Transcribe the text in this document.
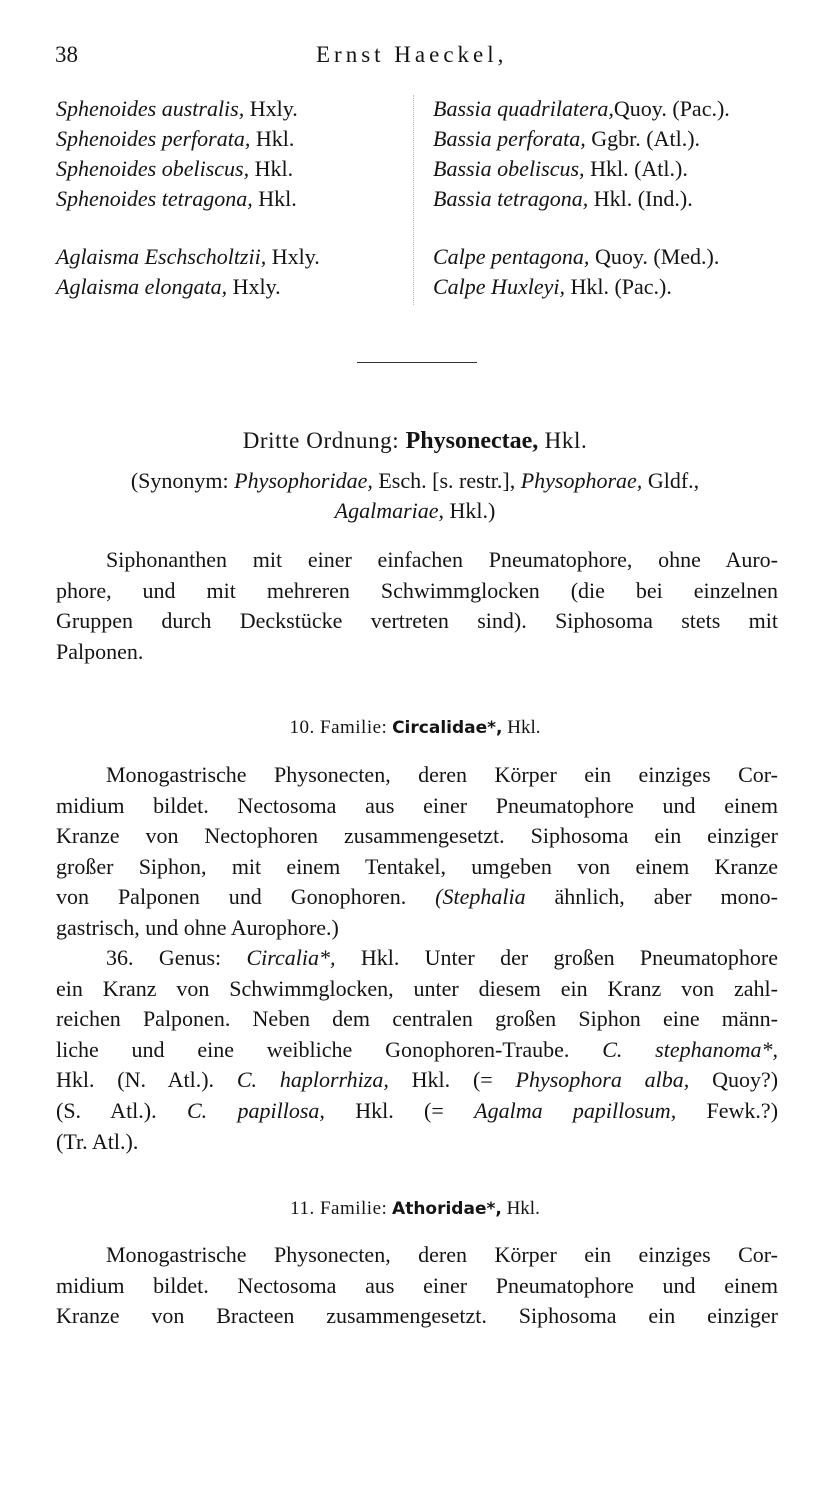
38	Ernst Haeckel,
Sphenoides australis, Hxly.
Sphenoides perforata, Hkl.
Sphenoides obeliscus, Hkl.
Sphenoides tetragona, Hkl.
Aglaisma Eschscholtzii, Hxly.
Aglaisma elongata, Hxly.
Bassia quadrilatera,Quoy. (Pac.).
Bassia perforata, Ggbr. (Atl.).
Bassia obeliscus, Hkl. (Atl.).
Bassia tetragona, Hkl. (Ind.).
Calpe pentagona, Quoy. (Med.).
Calpe Huxleyi, Hkl. (Pac.).
Dritte Ordnung: Physonectae, Hkl.
(Synonym: Physophoridae, Esch. [s. restr.], Physophorae, Gldf.,
Agalmariae, Hkl.)
Siphonanthen mit einer einfachen Pneumatophore, ohne Auro-
phore, und mit mehreren Schwimmglocken (die bei einzelnen
Gruppen durch Deckstücke vertreten sind). Siphosoma stets mit
Palponen.
10. Familie: Circalidae*, Hkl.
Monogastrische Physonecten, deren Körper ein einziges Cor-
midium bildet. Nectosoma aus einer Pneumatophore und einem
Kranze von Nectophoren zusammengesetzt. Siphosoma ein einziger
großer Siphon, mit einem Tentakel, umgeben von einem Kranze
von Palponen und Gonophoren. (Stephalia ähnlich, aber mono-
gastrisch, und ohne Aurophore.)
36. Genus: Circalia*, Hkl. Unter der großen Pneumatophore
ein Kranz von Schwimmglocken, unter diesem ein Kranz von zahl-
reichen Palponen. Neben dem centralen großen Siphon eine männ-
liche und eine weibliche Gonophoren-Traube. C. stephanoma*,
Hkl. (N. Atl.). C. haplorrhiza, Hkl. (= Physophora alba, Quoy?)
(S. Atl.). C. papillosa, Hkl. (= Agalma papillosum, Fewk.?)
(Tr. Atl.).
11. Familie: Athoridae*, Hkl.
Monogastrische Physonecten, deren Körper ein einziges Cor-
midium bildet. Nectosoma aus einer Pneumatophore und einem
Kranze von Bracteen zusammengesetzt. Siphosoma ein einziger
